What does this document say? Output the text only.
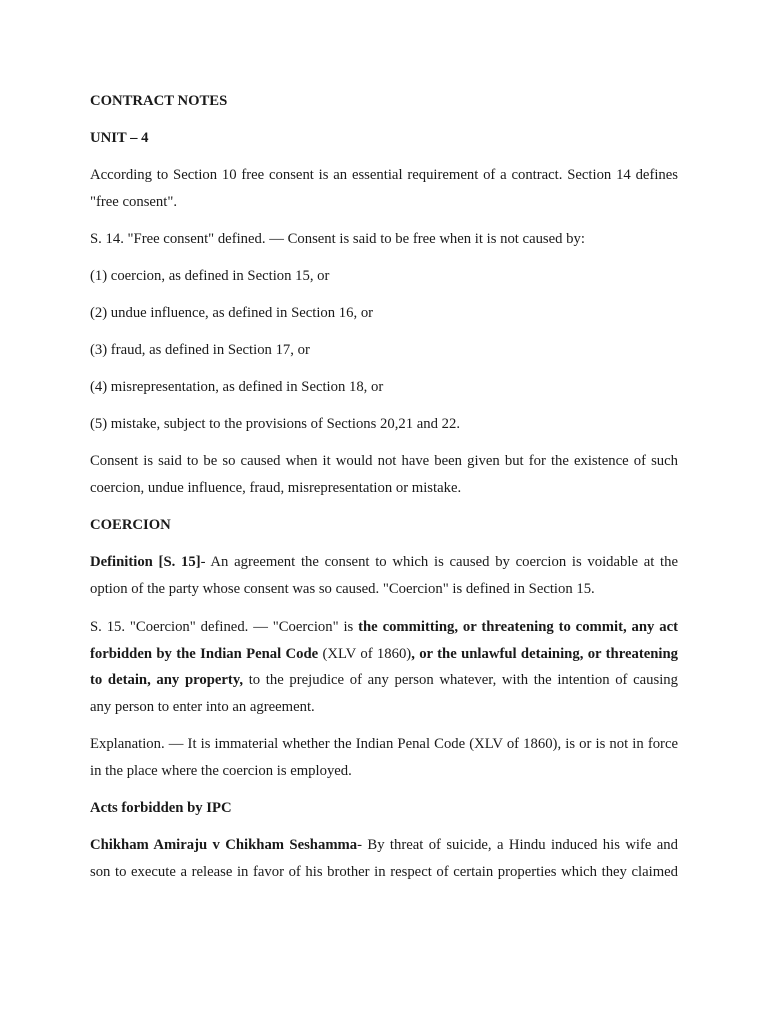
CONTRACT NOTES
UNIT – 4
According to Section 10 free consent is an essential requirement of a contract. Section 14 defines
"free consent".
S. 14. "Free consent" defined. — Consent is said to be free when it is not caused by:
(1) coercion, as defined in Section 15, or
(2) undue influence, as defined in Section 16, or
(3) fraud, as defined in Section 17, or
(4) misrepresentation, as defined in Section 18, or
(5) mistake, subject to the provisions of Sections 20,21 and 22.
Consent is said to be so caused when it would not have been given but for the existence of such
coercion, undue influence, fraud, misrepresentation or mistake.
COERCION
Definition [S. 15]- An agreement the consent to which is caused by coercion is voidable at the
option of the party whose consent was so caused. "Coercion" is defined in Section 15.
S. 15. "Coercion" defined. — "Coercion" is the committing, or threatening to commit, any act
forbidden by the Indian Penal Code (XLV of 1860), or the unlawful detaining, or threatening
to detain, any property, to the prejudice of any person whatever, with the intention of causing
any person to enter into an agreement.
Explanation. — It is immaterial whether the Indian Penal Code (XLV of 1860), is or is not in force
in the place where the coercion is employed.
Acts forbidden by IPC
Chikham Amiraju v Chikham Seshamma- By threat of suicide, a Hindu induced his wife and
son to execute a release in favor of his brother in respect of certain properties which they claimed
